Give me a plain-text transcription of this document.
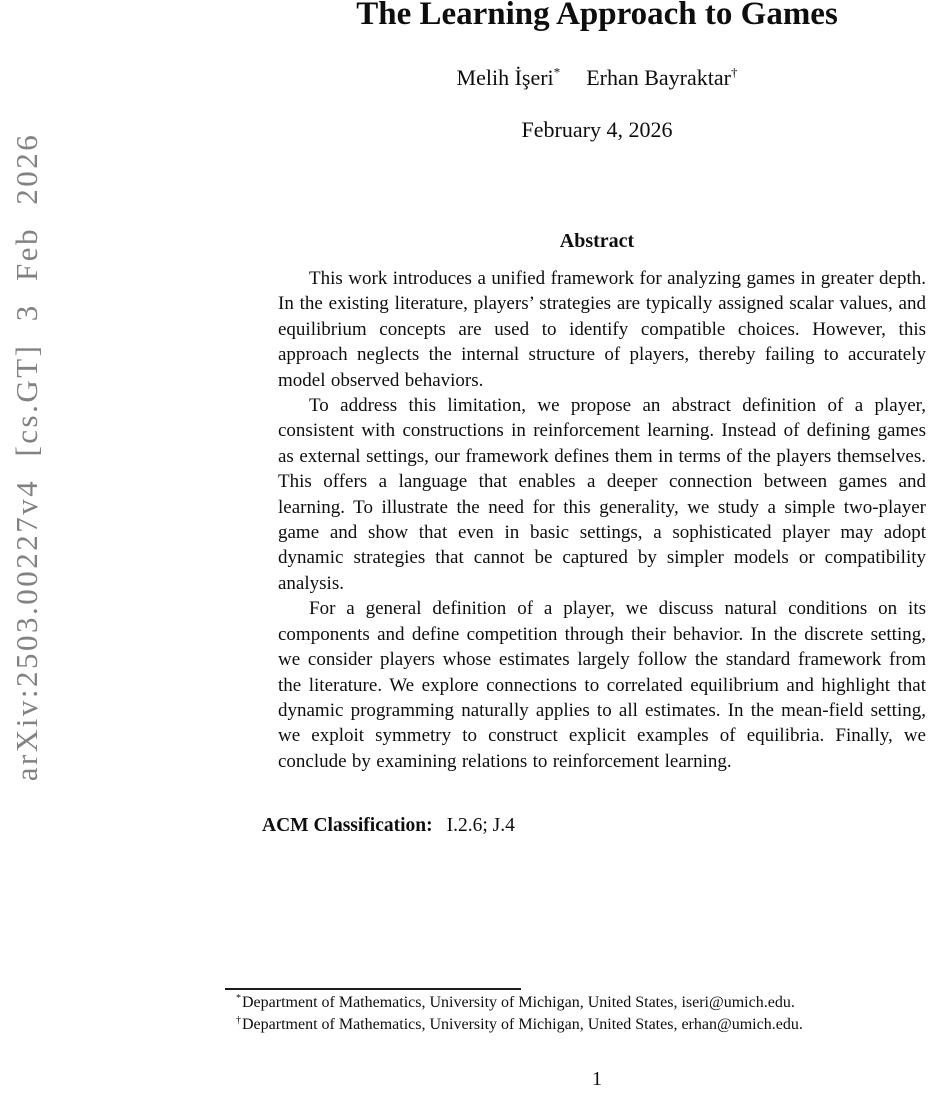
arXiv:2503.00227v4 [cs.GT] 3 Feb 2026
The Learning Approach to Games
Melih İşeri* Erhan Bayraktar†
February 4, 2026
Abstract

This work introduces a unified framework for analyzing games in greater depth. In the existing literature, players’ strategies are typically assigned scalar values, and equilibrium concepts are used to identify compatible choices. However, this approach neglects the internal structure of players, thereby failing to accurately model observed behaviors.

To address this limitation, we propose an abstract definition of a player, consistent with constructions in reinforcement learning. Instead of defining games as external settings, our framework defines them in terms of the players themselves. This offers a language that enables a deeper connection between games and learning. To illustrate the need for this generality, we study a simple two-player game and show that even in basic settings, a sophisticated player may adopt dynamic strategies that cannot be captured by simpler models or compatibility analysis.

For a general definition of a player, we discuss natural conditions on its components and define competition through their behavior. In the discrete setting, we consider players whose estimates largely follow the standard framework from the literature. We explore connections to correlated equilibrium and highlight that dynamic programming naturally applies to all estimates. In the mean-field setting, we exploit symmetry to construct explicit examples of equilibria. Finally, we conclude by examining relations to reinforcement learning.

ACM Classification: I.2.6; J.4
*Department of Mathematics, University of Michigan, United States, iseri@umich.edu.
†Department of Mathematics, University of Michigan, United States, erhan@umich.edu.
1
